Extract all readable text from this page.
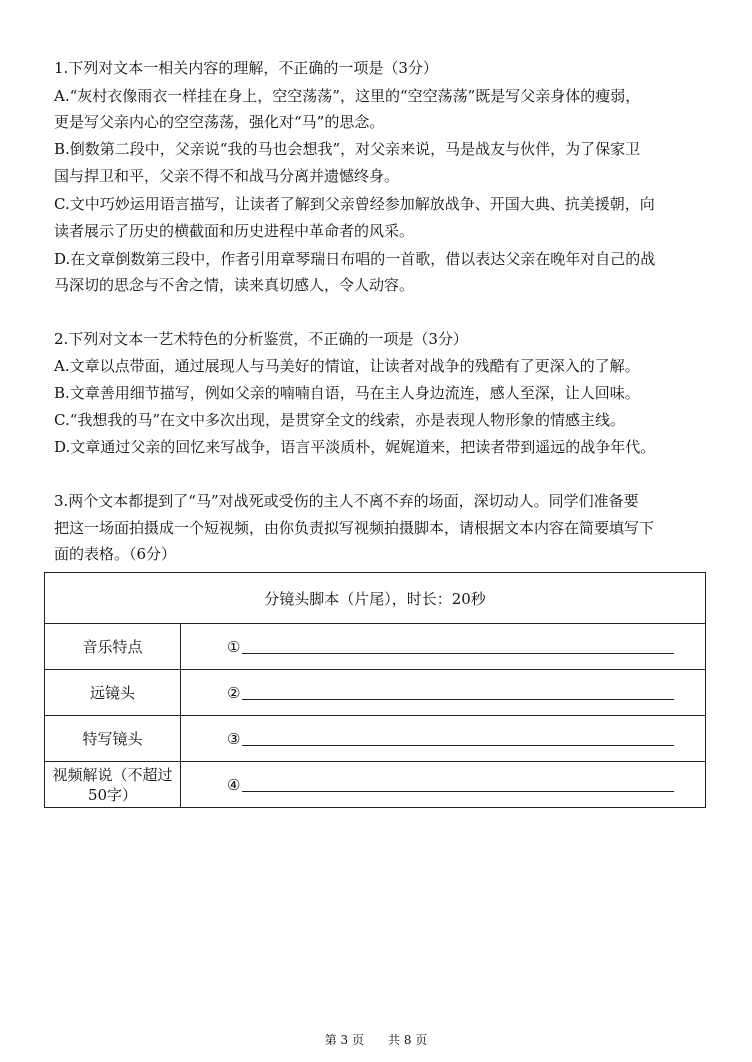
1.下列对文本一相关内容的理解，不正确的一项是（3分）
A.“灰村衣像雨衣一样挂在身上，空空荡荡”，这里的“空空荡荡”既是写父亲身体的瘦弱，
更是写父亲内心的空空荡荡，强化对“马”的思念。
B.倒数第二段中，父亲说“我的马也会想我”，对父亲来说，马是战友与伙伴，为了保家卫
国与捍卫和平，父亲不得不和战马分离并遗憾终身。
C.文中巧妙运用语言描写，让读者了解到父亲曾经参加解放战争、开国大典、抗美援朝，向
读者展示了历史的横截面和历史进程中革命者的风采。
D.在文章倒数第三段中，作者引用章琴瑞日布唱的一首歌，借以表达父亲在晚年对自己的战
马深切的思念与不舍之情，读来真切感人，令人动容。
2.下列对文本一艺术特色的分析鉴赏，不正确的一项是（3分）
A.文章以点带面，通过展现人与马美好的情谊，让读者对战争的残酷有了更深入的了解。
B.文章善用细节描写，例如父亲的喃喃自语，马在主人身边流连，感人至深，让人回味。
C.“我想我的马”在文中多次出现，是贯穿全文的线索，亦是表现人物形象的情感主线。
D.文章通过父亲的回忆来写战争，语言平淡质朴，娓娓道来，把读者带到遥远的战争年代。
3.两个文本都提到了“马”对战死或受伤的主人不离不弃的场面，深切动人。同学们准备要
把这一场面拍摄成一个短视频，由你负责拟写视频拍摄脚本，请根据文本内容在简要填写下
面的表格。（6分）
分镜头脚本（片尾），时长：20秒	
音乐特点	①

远镜头	②

特写镜头	③

视频解说（不超过50字）	④
第 3 页　　共 8 页
